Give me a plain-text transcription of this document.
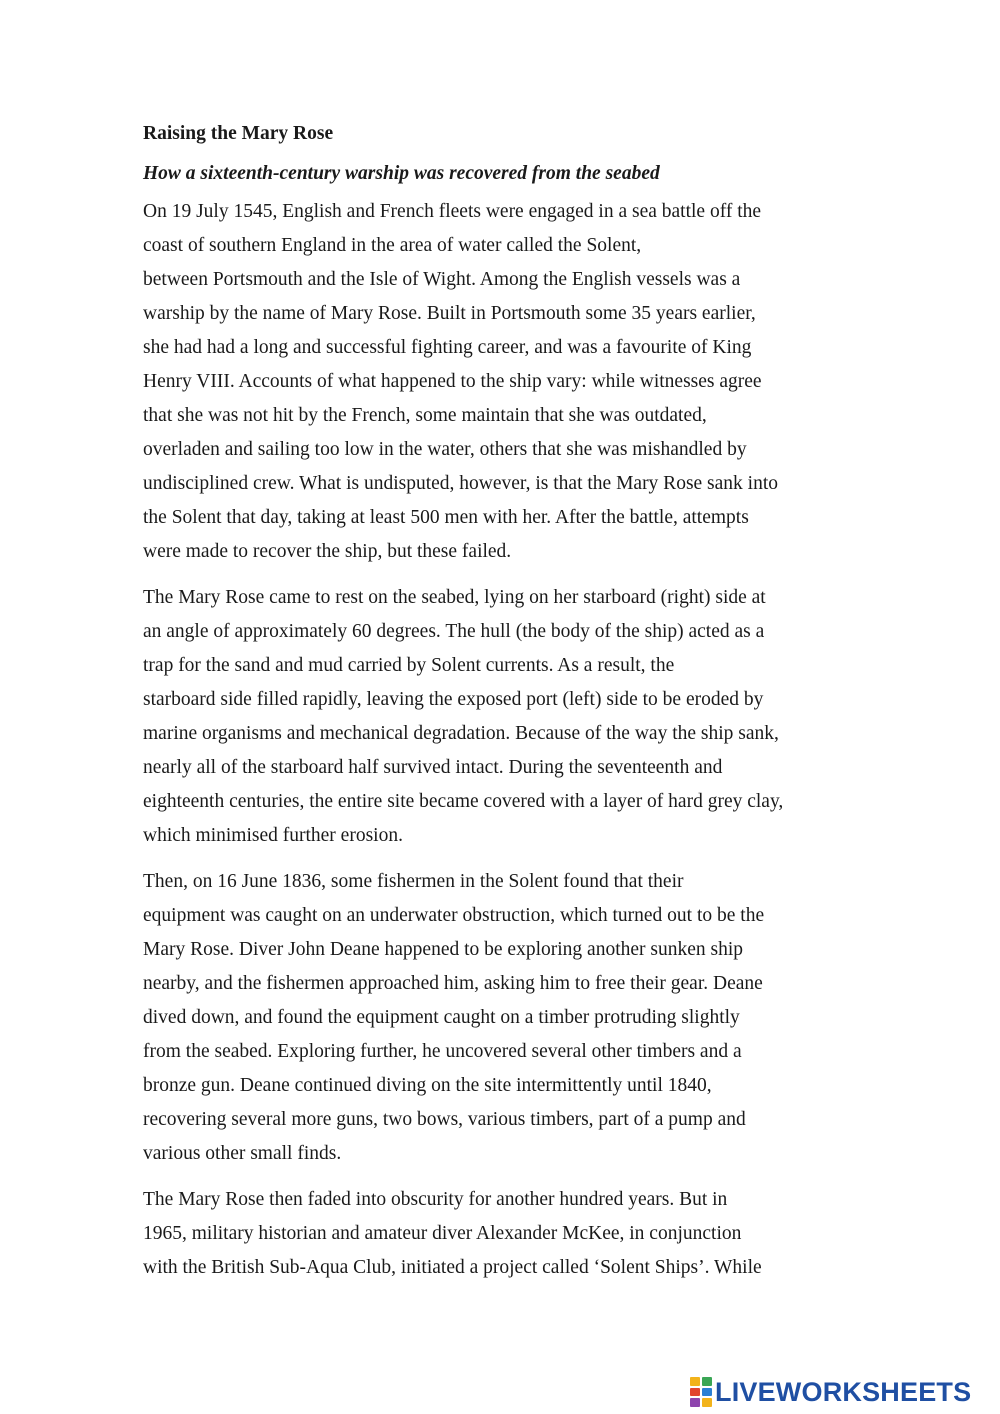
Raising the Mary Rose
How a sixteenth-century warship was recovered from the seabed
On 19 July 1545, English and French fleets were engaged in a sea battle off the
coast of southern England in the area of water called the Solent,
between Portsmouth and the Isle of Wight. Among the English vessels was a
warship by the name of Mary Rose. Built in Portsmouth some 35 years earlier,
she had had a long and successful fighting career, and was a favourite of King
Henry VIII. Accounts of what happened to the ship vary: while witnesses agree
that she was not hit by the French, some maintain that she was outdated,
overladen and sailing too low in the water, others that she was mishandled by
undisciplined crew. What is undisputed, however, is that the Mary Rose sank into
the Solent that day, taking at least 500 men with her. After the battle, attempts
were made to recover the ship, but these failed.
The Mary Rose came to rest on the seabed, lying on her starboard (right) side at
an angle of approximately 60 degrees. The hull (the body of the ship) acted as a
trap for the sand and mud carried by Solent currents. As a result, the
starboard side filled rapidly, leaving the exposed port (left) side to be eroded by
marine organisms and mechanical degradation. Because of the way the ship sank,
nearly all of the starboard half survived intact. During the seventeenth and
eighteenth centuries, the entire site became covered with a layer of hard grey clay,
which minimised further erosion.
Then, on 16 June 1836, some fishermen in the Solent found that their
equipment was caught on an underwater obstruction, which turned out to be the
Mary Rose. Diver John Deane happened to be exploring another sunken ship
nearby, and the fishermen approached him, asking him to free their gear. Deane
dived down, and found the equipment caught on a timber protruding slightly
from the seabed. Exploring further, he uncovered several other timbers and a
bronze gun. Deane continued diving on the site intermittently until 1840,
recovering several more guns, two bows, various timbers, part of a pump and
various other small finds.
The Mary Rose then faded into obscurity for another hundred years. But in
1965, military historian and amateur diver Alexander McKee, in conjunction
with the British Sub-Aqua Club, initiated a project called ‘Solent Ships’. While
LIVEWORKSHEETS
